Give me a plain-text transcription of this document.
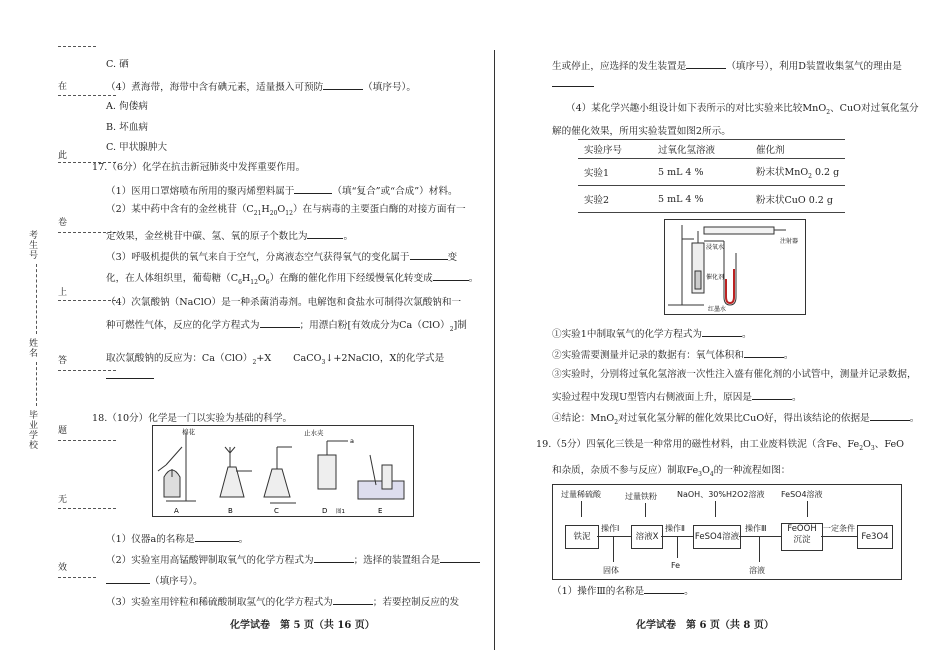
在
此
卷
上
答
题
无
效
考生号
姓名
毕业学校
C. 硒
（4）煮海带，海带中含有碘元素，适量摄入可预防	（填序号）。
A. 佝偻病
B. 坏血病
C. 甲状腺肿大
17.（6分）化学在抗击新冠肺炎中发挥重要作用。
（1）医用口罩熔喷布所用的聚丙烯塑料属于	（填“复合”或“合成”）材料。
（2）某中药中含有的金丝桃苷$(C_{21}H_{20}O_{12})$在与病毒的主要蛋白酶的对接方面有一
定效果，金丝桃苷中碳、氢、氧的原子个数比为	。
（3）呼吸机提供的氧气来自于空气，分离液态空气获得氧气的变化属于	变
化，在人体组织里，葡萄糖$(C_6H_{12}O_6)$在酶的催化作用下经缓慢氧化转变成	。
（4）次氯酸钠（NaClO）是一种杀菌消毒剂。电解饱和食盐水可制得次氯酸钠和一
种可燃性气体，反应的化学方程式为	；用漂白粉[有效成分为$Ca(ClO)_2$]制
取次氯酸钠的反应为：$Ca(ClO)_2+X$ CaCO$_3$↓+2NaClO，X的化学式是
18.（10分）化学是一门以实验为基础的科学。
A
棉花
B	C
止水夹
a
D	E
图1
（1）仪器a的名称是	。
（2）实验室用高锰酸钾制取氧气的化学方程式为	；选择的装置组合是
（填序号）。
（3）实验室用锌粒和稀硫酸制取氢气的化学方程式为	；若要控制反应的发
化学试卷　第 5 页（共 16 页）
生或停止，应选择的发生装置是	（填序号），利用D装置收集氢气的理由是
（4）某化学兴趣小组设计如下表所示的对比实验来比较MnO$_2$、CuO对过氧化氢分
解的催化效果，所用实验装置如图2所示。
实验序号	过氧化氢溶液	催化剂
实验1	5 mL 4 %	粉末状MnO$_2$ 0.2 g
实验2	5 mL 4 %	粉末状CuO 0.2 g
注射器
浸氧水
催化剂
红墨水
①实验1中制取氧气的化学方程式为	。
②实验需要测量并记录的数据有：氧气体积和	。
③实验时，分别将过氧化氢溶液一次性注入盛有催化剂的小试管中，测量并记录数据，
实验过程中发现U型管内右侧液面上升，原因是	。
④结论：MnO$_2$对过氧化氢分解的催化效果比CuO好，得出该结论的依据是	。
19.（5分）四氧化三铁是一种常用的磁性材料，由工业废料铁泥（含Fe、$Fe_2O_3$、FeO
和杂质，杂质不参与反应）制取$Fe_3O_4$的一种流程如图：
过量稀硫酸	过量铁粉	NaOH、30%H2O2溶液 FeSO4溶液
铁泥	溶液X	FeSO4溶液
FeOOH
沉淀	Fe3O4
操作Ⅰ	操作Ⅱ	操作Ⅲ	一定条件
固体
Fe
溶液
（1）操作Ⅲ的名称是	。
化学试卷　第 6 页（共 8 页）
